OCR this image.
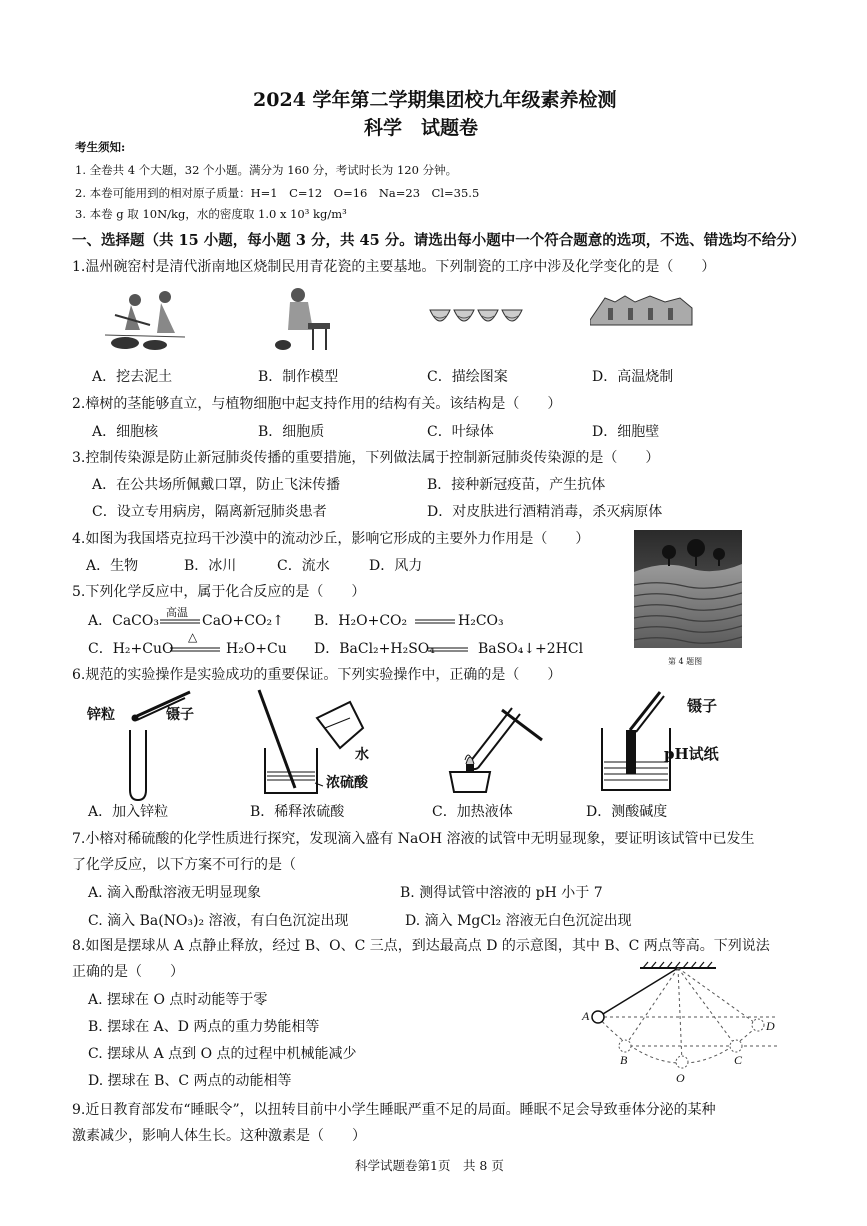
2024 学年第二学期集团校九年级素养检测
科学　试题卷
考生须知:
1. 全卷共 4 个大题，32 个小题。满分为 160 分，考试时长为 120 分钟。
2. 本卷可能用到的相对原子质量：H=1　C=12　O=16　Na=23　Cl=35.5
3. 本卷 g 取 10N/kg，水的密度取 1.0 x 10³ kg/m³
一、选择题（共 15 小题，每小题 3 分，共 45 分。请选出每小题中一个符合题意的选项，不选、错选均不给分）
1.温州碗窑村是清代浙南地区烧制民用青花瓷的主要基地。下列制瓷的工序中涉及化学变化的是（　　）
A．挖去泥土	B．制作模型	C．描绘图案	D．高温烧制
2.樟树的茎能够直立，与植物细胞中起支持作用的结构有关。该结构是（　　）
A．细胞核	B．细胞质	C．叶绿体	D．细胞壁
3.控制传染源是防止新冠肺炎传播的重要措施，下列做法属于控制新冠肺炎传染源的是（　　）
A．在公共场所佩戴口罩，防止飞沫传播	B．接种新冠疫苗，产生抗体
C．设立专用病房，隔离新冠肺炎患者	D．对皮肤进行酒精消毒，杀灭病原体
4.如图为我国塔克拉玛干沙漠中的流动沙丘，影响它形成的主要外力作用是（　　）
A．生物	B．冰川	C．流水	D．风力
第 4 题图
5.下列化学反应中，属于化合反应的是（　　）
A．CaCO₃
高温
CaO+CO₂↑ B．H₂O+CO₂	H₂CO₃
C．H₂+CuO
△
H₂O+Cu D．BaCl₂+H₂SO₄	BaSO₄↓+2HCl
6.规范的实验操作是实验成功的重要保证。下列实验操作中，正确的是（　　）
锌粒	镊子
水
浓硫酸
镊子
pH试纸
A．加入锌粒	B．稀释浓硫酸	C．加热液体	D．测酸碱度
7.小榕对稀硫酸的化学性质进行探究，发现滴入盛有 NaOH 溶液的试管中无明显现象，要证明该试管中已发生
了化学反应，以下方案不可行的是（
A. 滴入酚酞溶液无明显现象	B. 测得试管中溶液的 pH 小于 7
C. 滴入 Ba(NO₃)₂ 溶液，有白色沉淀出现	D. 滴入 MgCl₂ 溶液无白色沉淀出现
8.如图是摆球从 A 点静止释放，经过 B、O、C 三点，到达最高点 D 的示意图，其中 B、C 两点等高。下列说法
正确的是（　　）
A. 摆球在 O 点时动能等于零
B. 摆球在 A、D 两点的重力势能相等
C. 摆球从 A 点到 O 点的过程中机械能减少
D. 摆球在 B、C 两点的动能相等
A
B
O
C
D
9.近日教育部发布“睡眠令”，以扭转目前中小学生睡眠严重不足的局面。睡眠不足会导致垂体分泌的某种
激素减少，影响人体生长。这种激素是（　　）
科学试题卷第1页　共 8 页
